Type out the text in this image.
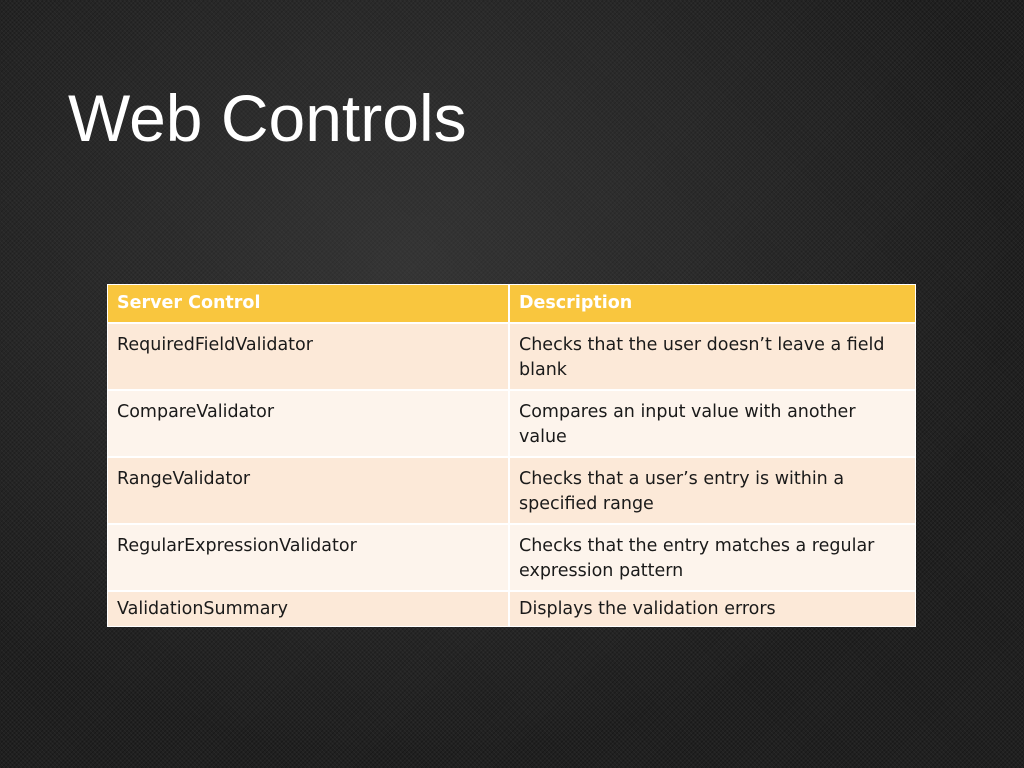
Web Controls
Server Control	Description
RequiredFieldValidator	Checks that the user doesn’t leave a field blank
CompareValidator	Compares an input value with another value
RangeValidator	Checks that a user’s entry is within a specified range
RegularExpressionValidator	Checks that the entry matches a regular expression pattern
ValidationSummary	Displays the validation errors
